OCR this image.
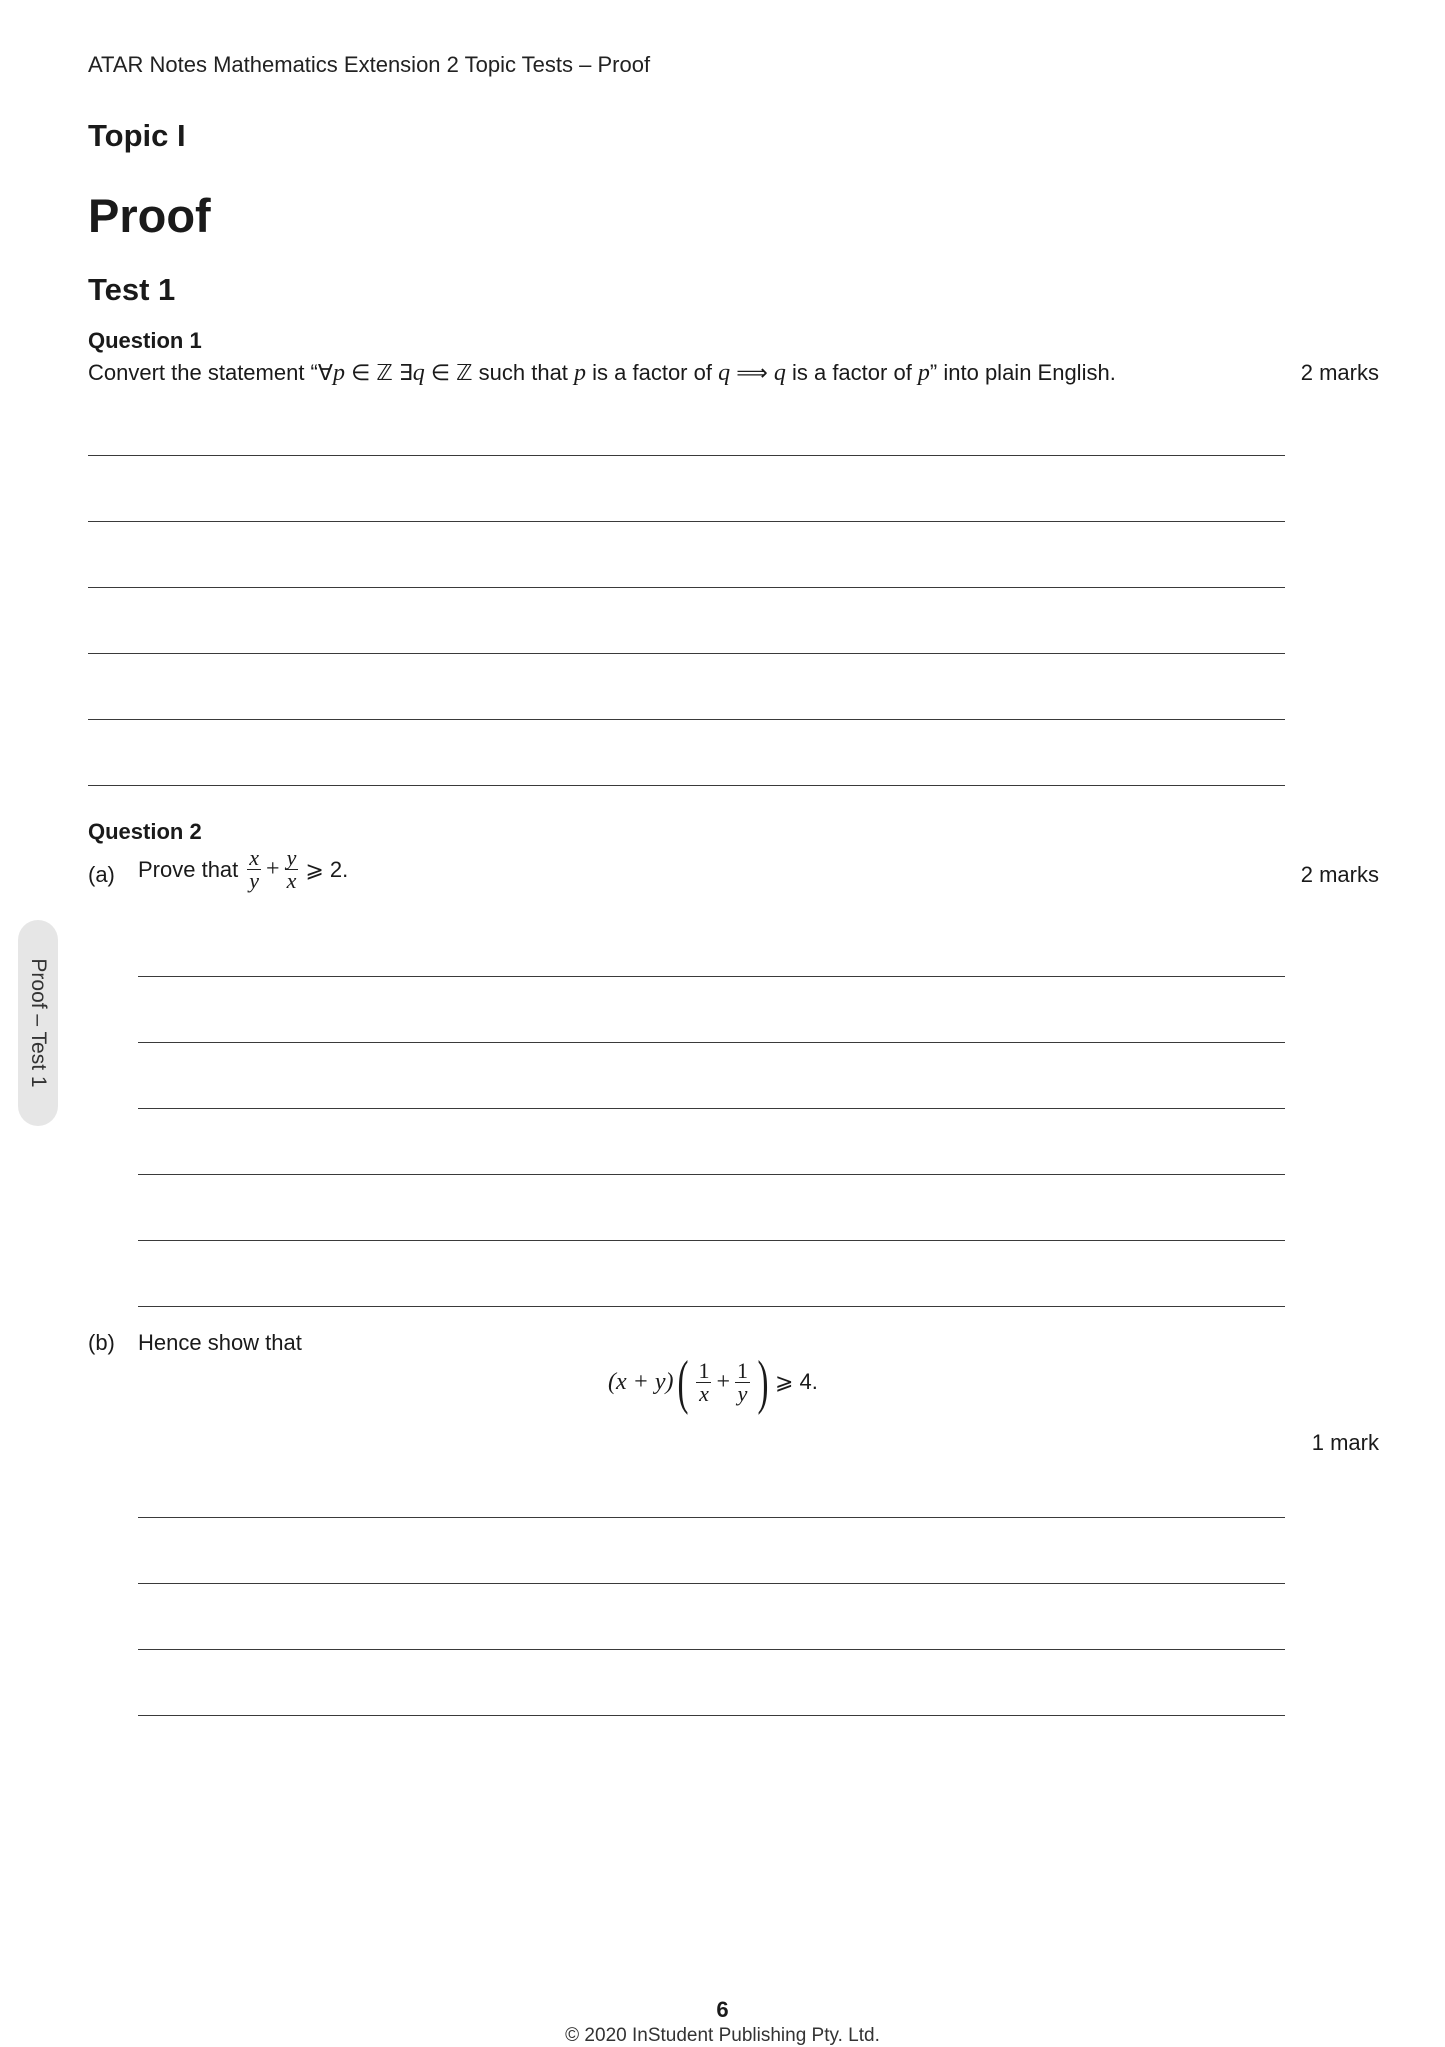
ATAR Notes Mathematics Extension 2 Topic Tests – Proof
Topic I
Proof
Test 1
Question 1
Convert the statement “∀p ∈ ℤ ∃q ∈ ℤ such that p is a factor of q ⟹ q is a factor of p” into plain English.	2 marks
Question 2
(a) Prove that $\frac{x}{y} + \frac{y}{x}$ ⩾ 2.	2 marks
(b) Hence show that
(x + y) ( $\frac{1}{x} + \frac{1}{y}$ ) ⩾ 4.
1 mark
Proof – Test 1
6
© 2020 InStudent Publishing Pty. Ltd.
